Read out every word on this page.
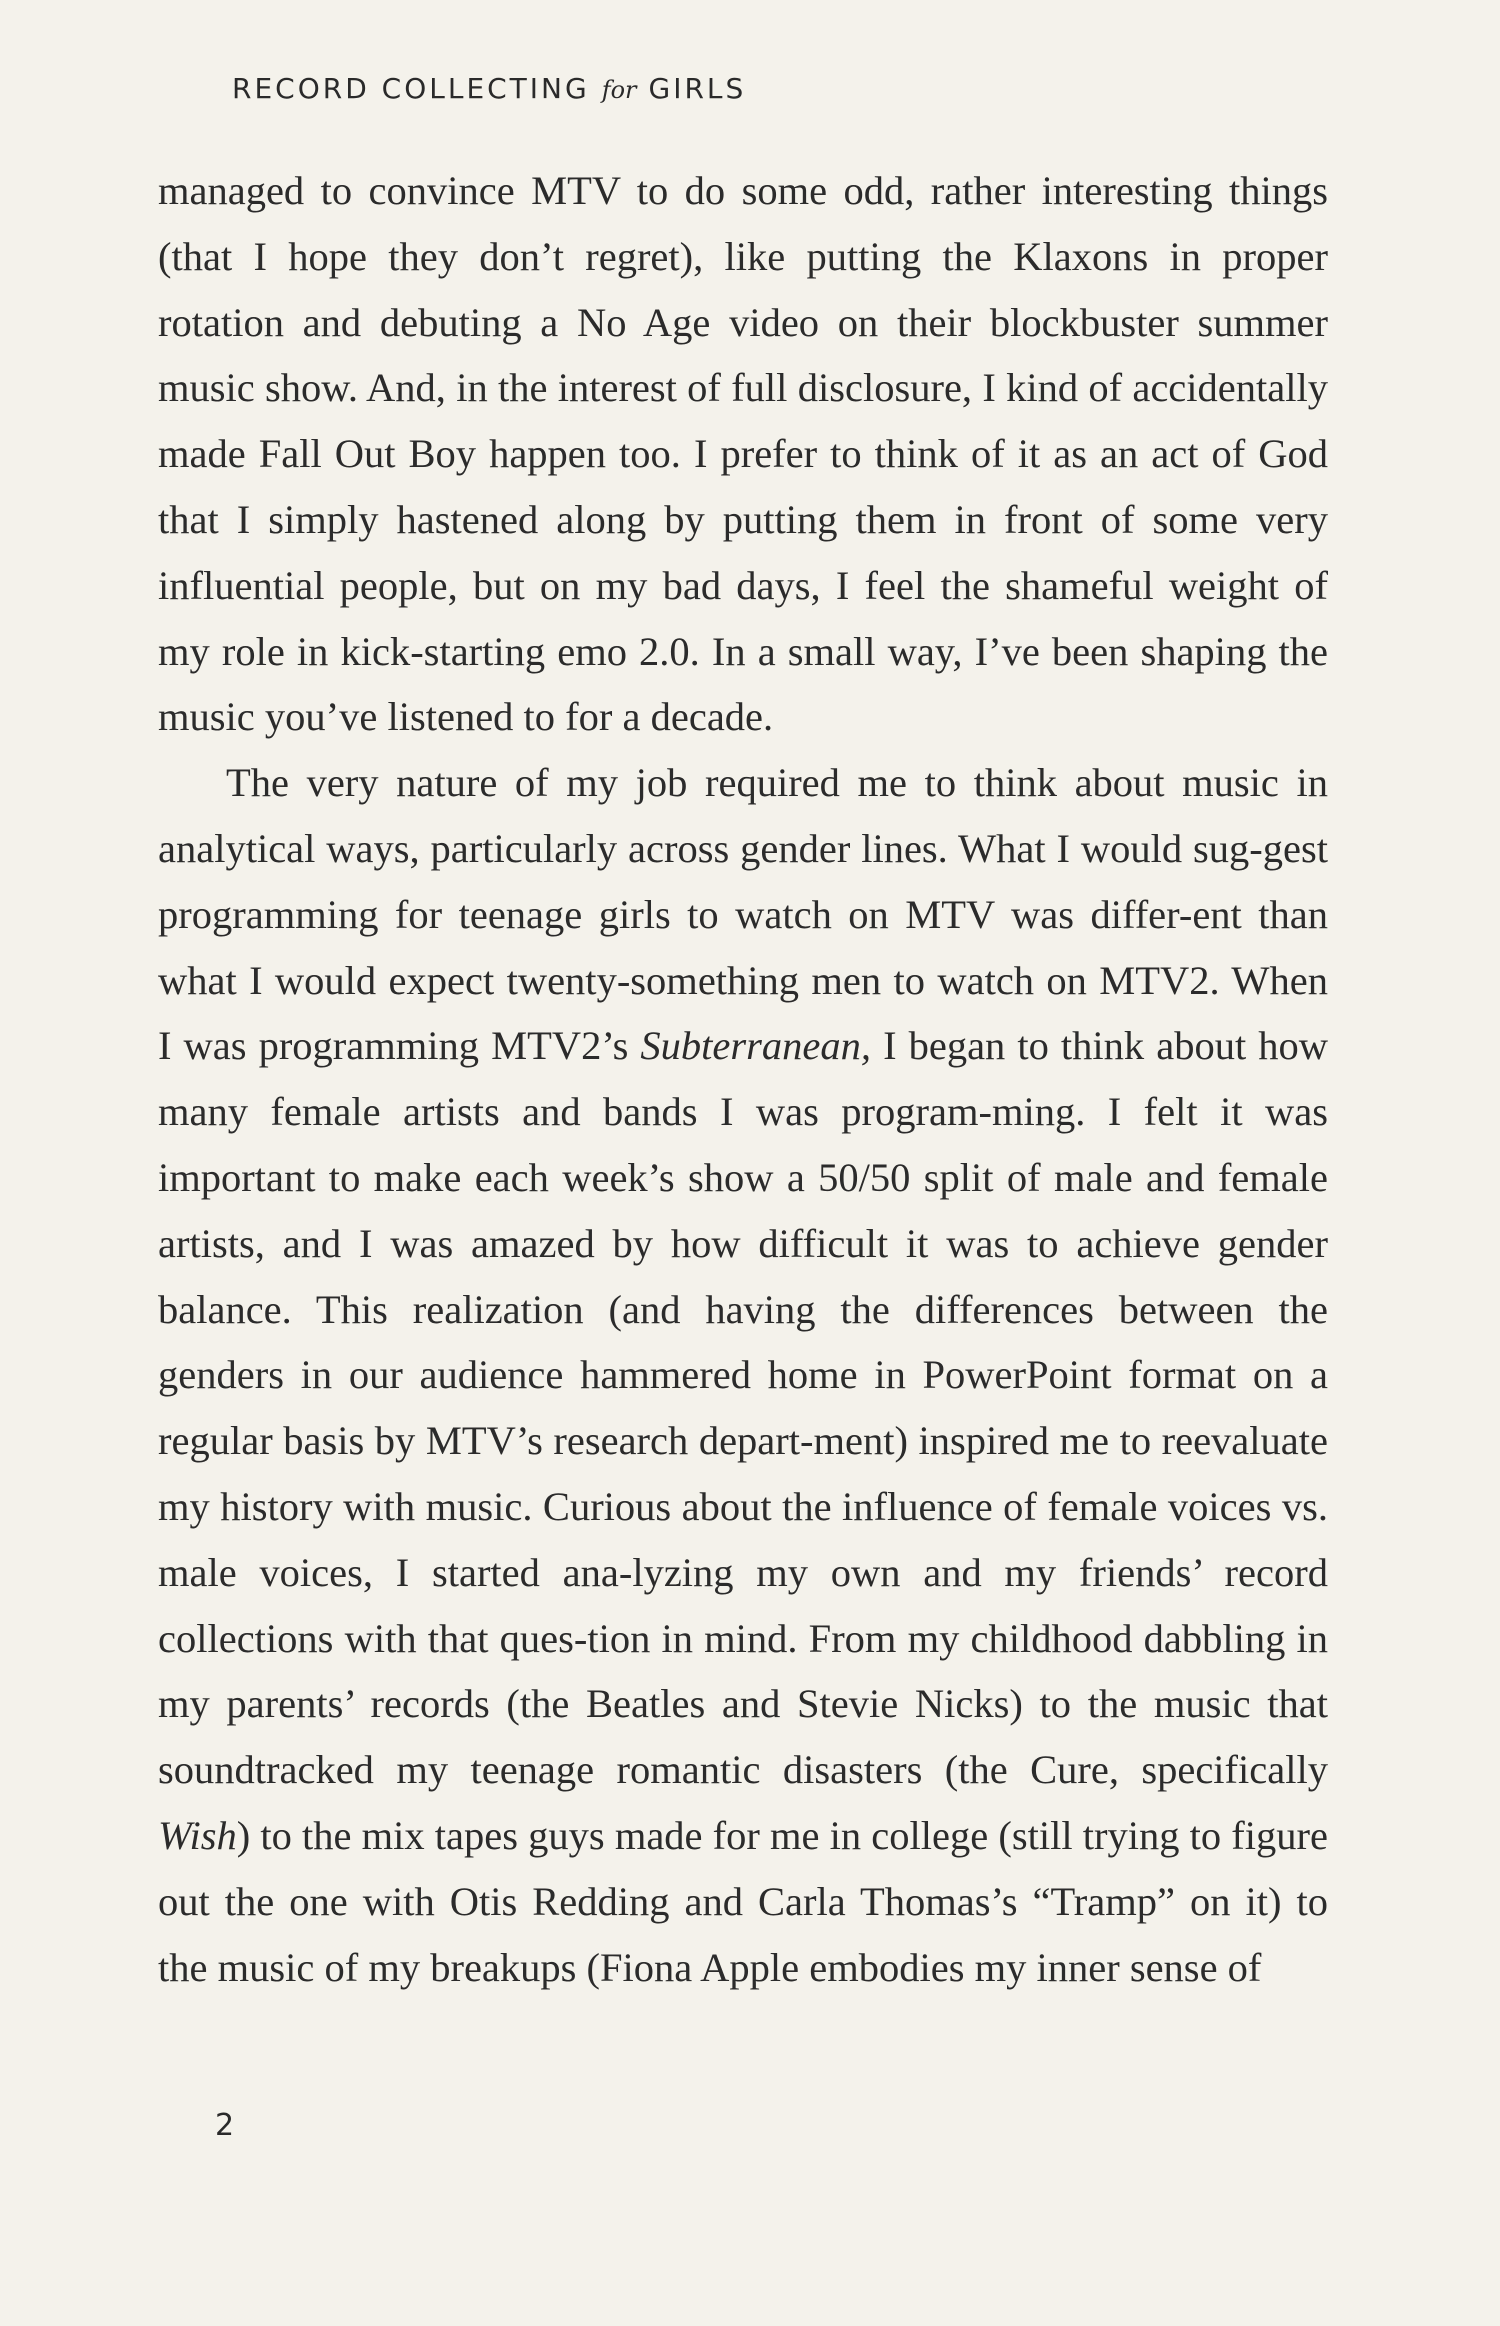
RECORD COLLECTING for GIRLS

managed to convince MTV to do some odd, rather interesting things (that I hope they don’t regret), like putting the Klaxons in proper rotation and debuting a No Age video on their blockbuster summer music show. And, in the interest of full disclosure, I kind of accidentally made Fall Out Boy happen too. I prefer to think of it as an act of God that I simply hastened along by putting them in front of some very influential people, but on my bad days, I feel the shameful weight of my role in kick-starting emo 2.0. In a small way, I’ve been shaping the music you’ve listened to for a decade.

The very nature of my job required me to think about music in analytical ways, particularly across gender lines. What I would sug-gest programming for teenage girls to watch on MTV was differ-ent than what I would expect twenty-something men to watch on MTV2. When I was programming MTV2’s Subterranean, I began to think about how many female artists and bands I was program-ming. I felt it was important to make each week’s show a 50/50 split of male and female artists, and I was amazed by how difficult it was to achieve gender balance. This realization (and having the differences between the genders in our audience hammered home in PowerPoint format on a regular basis by MTV’s research depart-ment) inspired me to reevaluate my history with music. Curious about the influence of female voices vs. male voices, I started ana-lyzing my own and my friends’ record collections with that ques-tion in mind. From my childhood dabbling in my parents’ records (the Beatles and Stevie Nicks) to the music that soundtracked my teenage romantic disasters (the Cure, specifically Wish) to the mix tapes guys made for me in college (still trying to figure out the one with Otis Redding and Carla Thomas’s “Tramp” on it) to the music of my breakups (Fiona Apple embodies my inner sense of

2
